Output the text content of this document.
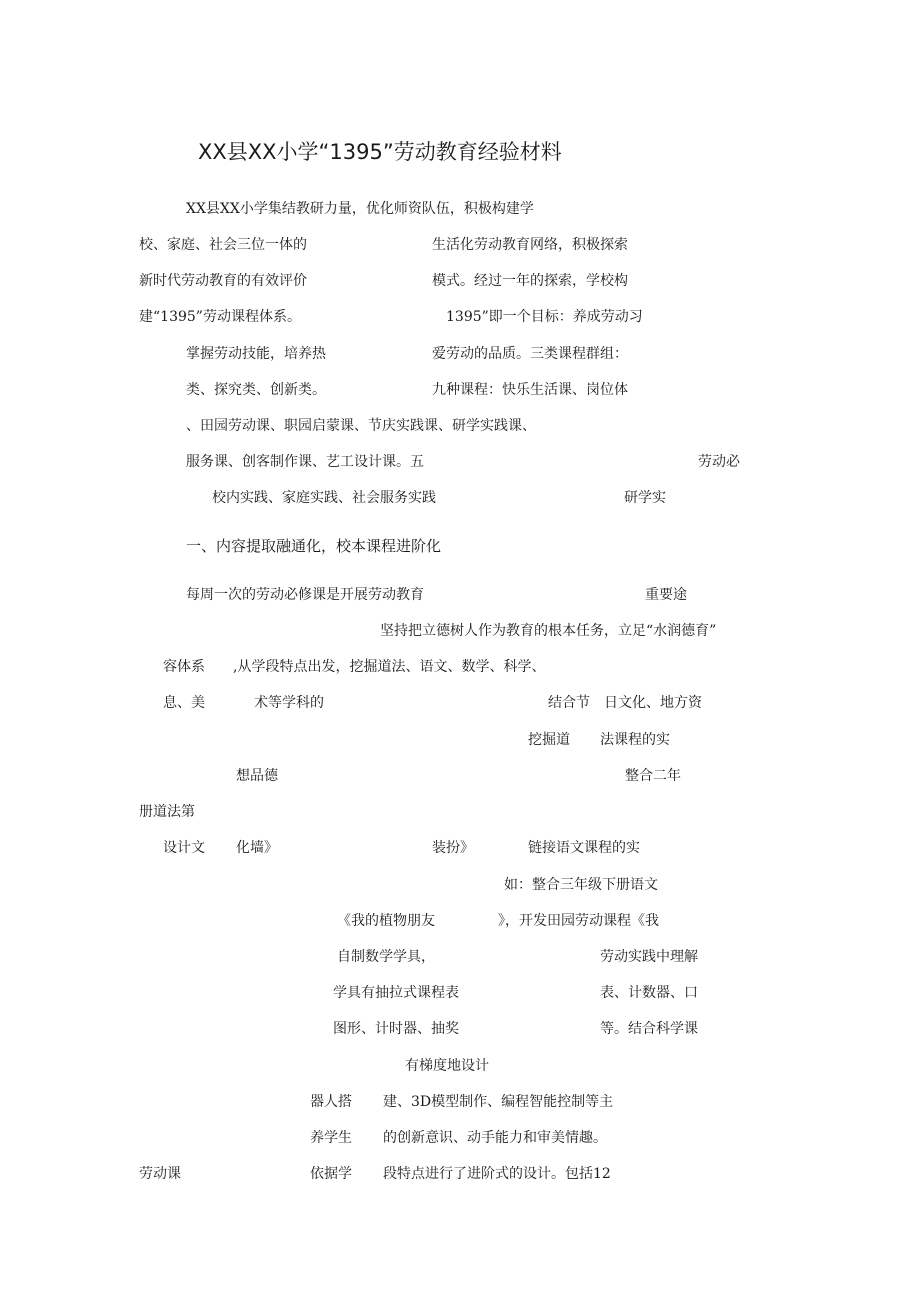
XX县XX小学“1395”劳动教育经验材料
XX县XX小学集结教研力量，优化师资队伍，积极构建学
校、家庭、社会三位一体的	生活化劳动教育网络，积极探索
新时代劳动教育的有效评价	模式。经过一年的探索，学校构
建“1395”劳动课程体系。	1395”即一个目标：养成劳动习
掌握劳动技能，培养热	爱劳动的品质。三类课程群组：
类、探究类、创新类。	九种课程：快乐生活课、岗位体
、田园劳动课、职园启蒙课、节庆实践课、研学实践课、
服务课、创客制作课、艺工设计课。五	劳动必
校内实践、家庭实践、社会服务实践	研学实
一、内容提取融通化，校本课程进阶化
每周一次的劳动必修课是开展劳动教育	重要途
坚持把立德树人作为教育的根本任务，立足“水润德育”
容体系 ,从学段特点出发，挖掘道法、语文、数学、科学、
息、美	术等学科的	结合节 日文化、地方资
挖掘道 法课程的实
想品德	整合二年
册道法第
设计文 化墙》	装扮》	链接语文课程的实
如：整合三年级下册语文
《我的植物朋友	》，开发田园劳动课程《我
自制数学学具，	劳动实践中理解
学具有抽拉式课程表	表、计数器、口
图形、计时器、抽奖	等。结合科学课
有梯度地设计
器人搭 建、3D模型制作、编程智能控制等主
养学生 的创新意识、动手能力和审美情趣。
劳动课	依据学 段特点进行了进阶式的设计。包括12
